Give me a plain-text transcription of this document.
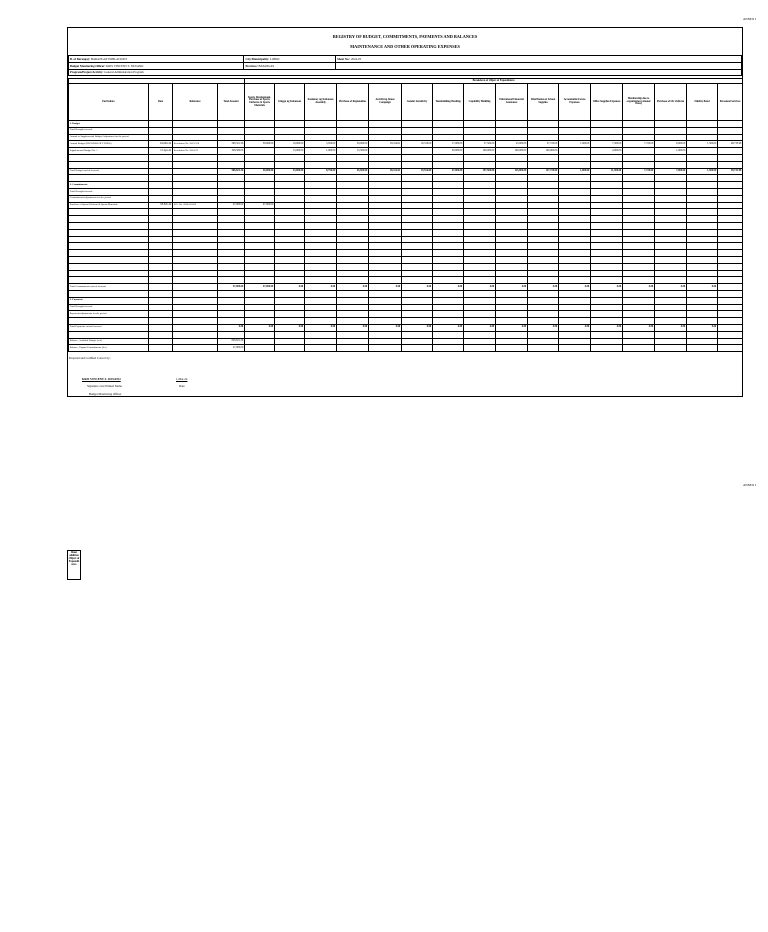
ANNEX I
ANNEX I
REGISTRY OF BUDGET, COMMITMENTS, PAYMENTS AND BALANCES
MAINTENANCE AND OTHER OPERATING EXPENSES
B. of Barangay: BARANGAY POBLACION I	City/Municipality: LOBOC	Sheet No.: 2024-03
Budget Monitoring Officer: KRIS VINCENT S. SILVANO	Province: BATANGAS	
Program/Project/Activity: General Administration Program		
				Breakdown of Object of Expenditures															
Particulars	Date	Reference	Total Amount	Sports Development- Purchase of Sports Uniforms & Sports Materials	Gingga ng Kabataan	Kadamay ng Kabataan Assembly	Purchase of Regionalties	Anti-Drug Abuse Campaign	Gender Sensitivity	Teambuilding Bonding	Capability Building	Educational Financial Assistance	Distribution of School Supplies	Accountable Forms Expenses	Office Supplies Expenses	Membership due to organization (Annual Dues)	Purchase of SK Uniform	Fidelity Bond	Personnel Services
1. Budget																			
Total Brought forward																			
Annual or Supplemental Budget/Adjustment for the period																			
Annual Budget (RECORDS OF FUNDS)	04-Mar-24	Resolution No. 2023-378	580,321.36	30,000.00	10,000.00	5,056.00	30,000.00	18,314.61	19,516.00	17,000.00	57,500.00	25,000.00	37,720.00	1,000.00	7,500.00	7,720.00	6,000.00	1,500.00	99,733.98
Supplemental Budget No. 1	15-Apr-24	Resolution No. 2024-79	326,500.00		13,000.00	1,000.00	15,500.00			30,000.00	100,000.00	100,000.00	100,000.00		4,000.00		1,000.00		

Total Budget carried forward			906,821.36	30,000.00	23,000.00	8,756.00	45,500.00	18,314.61	19,516.00	47,000.00	157,500.00	125,000.00	137,720.00	1,000.00	11,500.00	7,720.00	7,000.00	1,500.00	99,733.98

2. Commitments																			
Total Brought forward																			
Commitments/adjustments for the period																			
Purchase of Sports Uniform & Sports Materials	08-Feb-24	D.V. No. 2024-02-050	47,000.00	47,000.00															

Total Commitments carried forward			47,000.00	47,000.00	0.00	0.00	0.00	0.00	0.00	0.00	0.00	0.00	0.00	0.00	0.00	0.00	0.00	0.00	

3. Payments																			
Total Brought forward																			
Payments/adjustments for the period																			

Total Payments carried forward			0.00	0.00	0.00	0.00	0.00	0.00	0.00	0.00	0.00	0.00	0.00	0.00	0.00	0.00	0.00	0.00	

Balance, Available Budget (a-b)			859,821.36																
Balance, Unpaid Commitments (b-c)			47,000.00																
Prepared and Certified Correct by:
KRIS VINCENT S. SILVANO	1-Mar-24
Signature over Printed Name	Date
Budget Monitoring Officer
Sheet addition Object of Expendit ures
